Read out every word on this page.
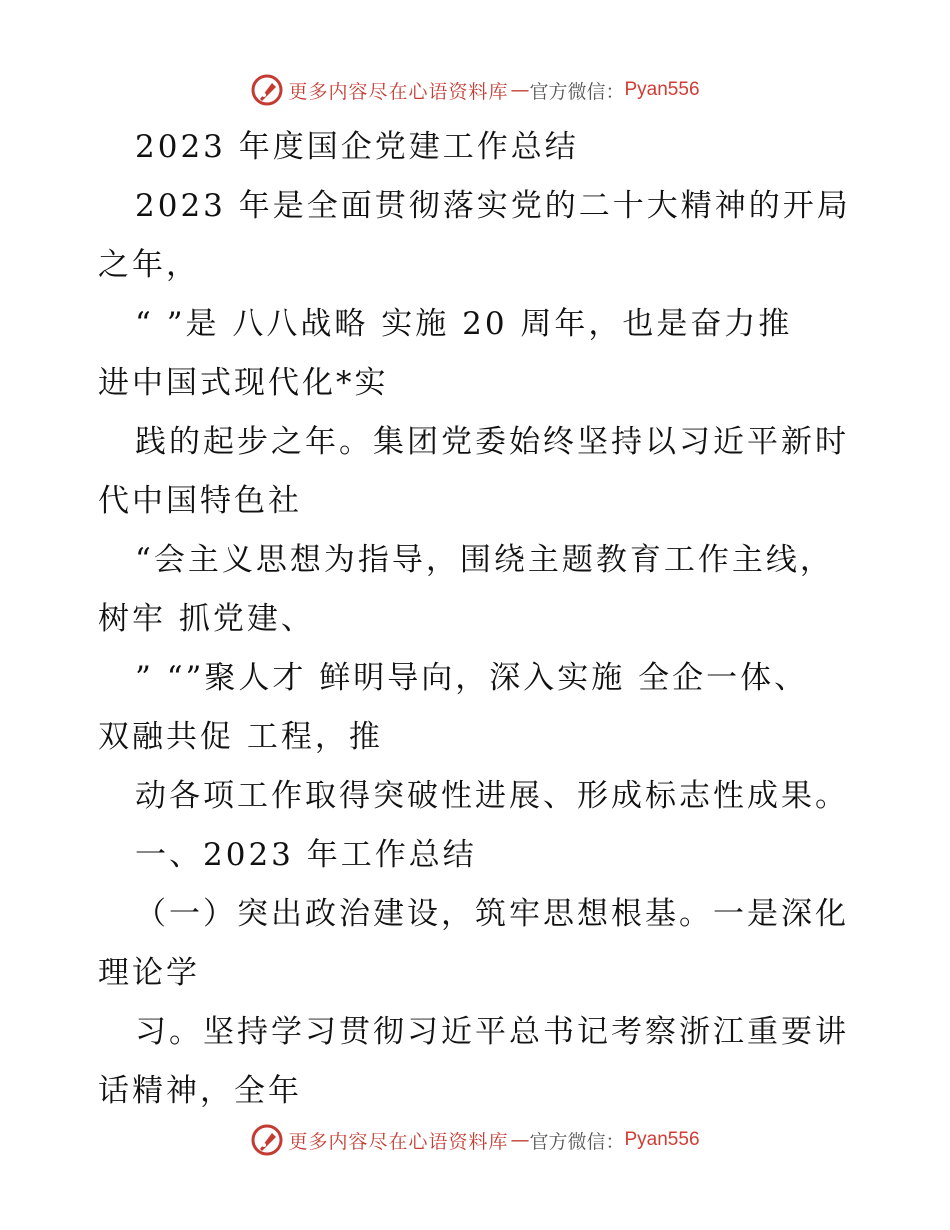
更多内容尽在心语资料库 — 官方微信： Pyan556
2023 年度国企党建工作总结
2023 年是全面贯彻落实党的二十大精神的开局
之年，
“ ”是 八八战略 实施 20 周年，也是奋力推
进中国式现代化*实
践的起步之年。集团党委始终坚持以习近平新时
代中国特色社
“会主义思想为指导，围绕主题教育工作主线，
树牢 抓党建、
” “”聚人才 鲜明导向，深入实施 全企一体、
双融共促 工程，推
动各项工作取得突破性进展、形成标志性成果。
一、2023 年工作总结
（一）突出政治建设，筑牢思想根基。一是深化
理论学
习。坚持学习贯彻习近平总书记考察浙江重要讲
话精神，全年
更多内容尽在心语资料库 — 官方微信： Pyan556
